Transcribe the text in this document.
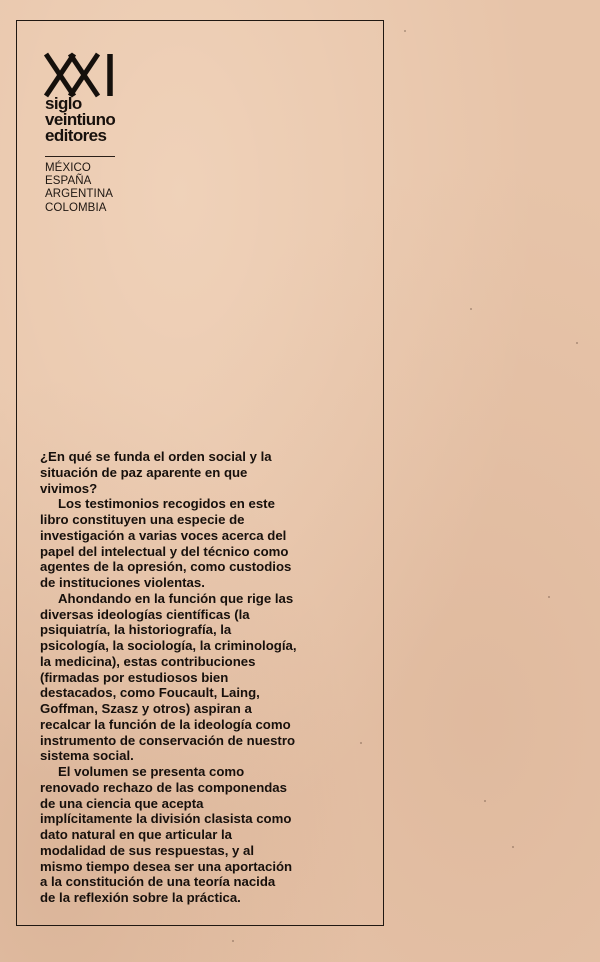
siglo
veintiuno
editores
MÉXICO
ESPAÑA
ARGENTINA
COLOMBIA

¿En qué se funda el orden social y la
situación de paz aparente en que
vivimos?

Los testimonios recogidos en este
libro constituyen una especie de
investigación a varias voces acerca del
papel del intelectual y del técnico como
agentes de la opresión, como custodios
de instituciones violentas.

Ahondando en la función que rige las
diversas ideologías científicas (la
psiquiatría, la historiografía, la
psicología, la sociología, la criminología,
la medicina), estas contribuciones
(firmadas por estudiosos bien
destacados, como Foucault, Laing,
Goffman, Szasz y otros) aspiran a
recalcar la función de la ideología como
instrumento de conservación de nuestro
sistema social.

El volumen se presenta como
renovado rechazo de las componendas
de una ciencia que acepta
implícitamente la división clasista como
dato natural en que articular la
modalidad de sus respuestas, y al
mismo tiempo desea ser una aportación
a la constitución de una teoría nacida
de la reflexión sobre la práctica.
